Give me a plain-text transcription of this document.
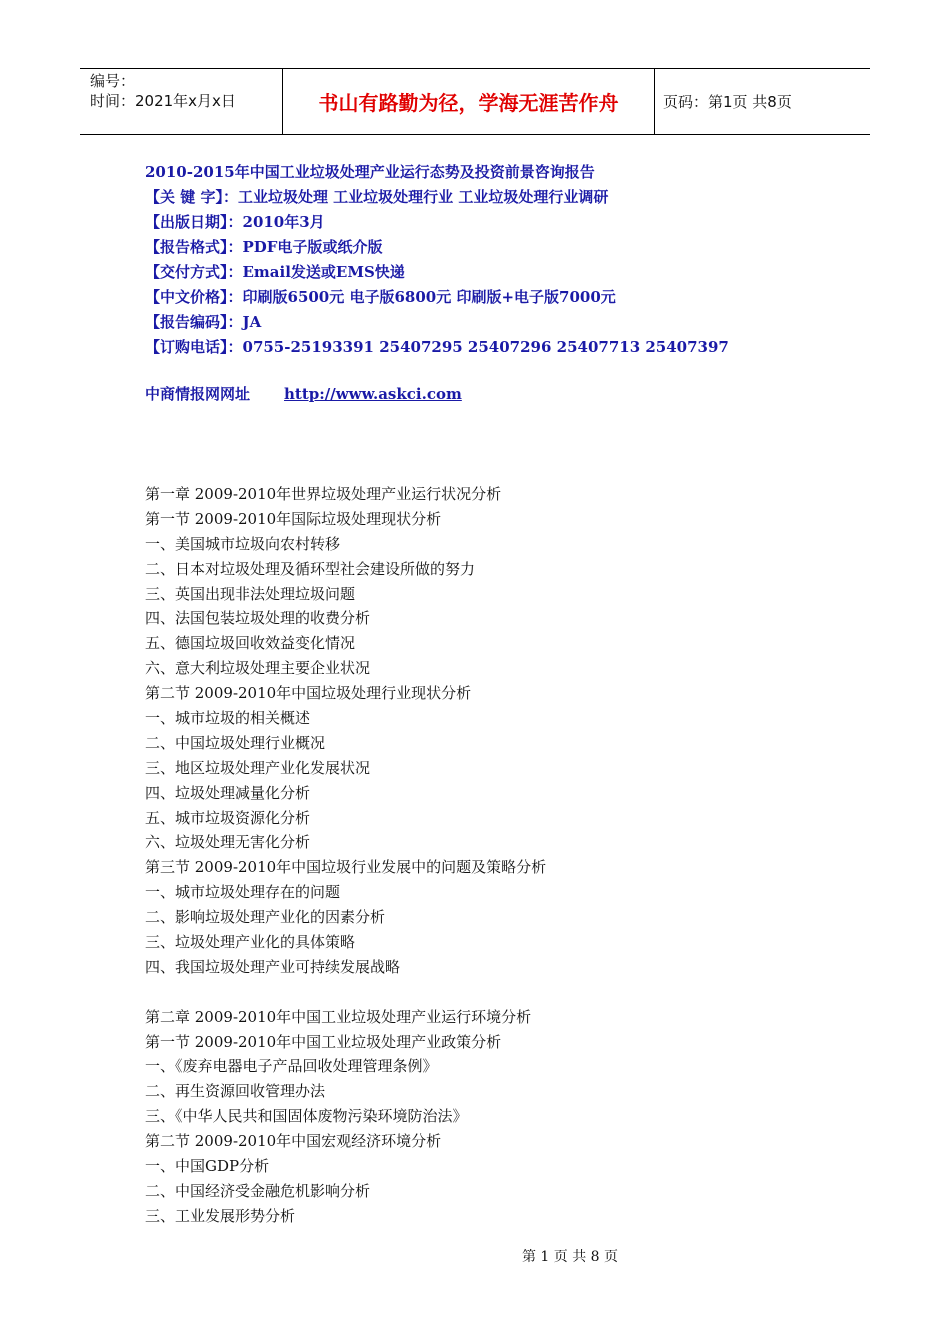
编号：
时间：2021年x月x日	书山有路勤为径，学海无涯苦作舟	页码：第1页 共8页
2010-2015年中国工业垃圾处理产业运行态势及投资前景咨询报告
【关 键 字】：工业垃圾处理 工业垃圾处理行业 工业垃圾处理行业调研
【出版日期】：2010年3月
【报告格式】：PDF电子版或纸介版
【交付方式】：Email发送或EMS快递
【中文价格】：印刷版6500元 电子版6800元 印刷版+电子版7000元
【报告编码】：JA
【订购电话】：0755-25193391 25407295 25407296 25407713 25407397
中商情报网网址 http://www.askci.com
第一章 2009-2010年世界垃圾处理产业运行状况分析
第一节 2009-2010年国际垃圾处理现状分析
一、美国城市垃圾向农村转移
二、日本对垃圾处理及循环型社会建设所做的努力
三、英国出现非法处理垃圾问题
四、法国包装垃圾处理的收费分析
五、德国垃圾回收效益变化情况
六、意大利垃圾处理主要企业状况
第二节 2009-2010年中国垃圾处理行业现状分析
一、城市垃圾的相关概述
二、中国垃圾处理行业概况
三、地区垃圾处理产业化发展状况
四、垃圾处理减量化分析
五、城市垃圾资源化分析
六、垃圾处理无害化分析
第三节 2009-2010年中国垃圾行业发展中的问题及策略分析
一、城市垃圾处理存在的问题
二、影响垃圾处理产业化的因素分析
三、垃圾处理产业化的具体策略
四、我国垃圾处理产业可持续发展战略
第二章 2009-2010年中国工业垃圾处理产业运行环境分析
第一节 2009-2010年中国工业垃圾处理产业政策分析
一、《废弃电器电子产品回收处理管理条例》
二、再生资源回收管理办法
三、《中华人民共和国固体废物污染环境防治法》
第二节 2009-2010年中国宏观经济环境分析
一、中国GDP分析
二、中国经济受金融危机影响分析
三、工业发展形势分析
第 1 页 共 8 页
